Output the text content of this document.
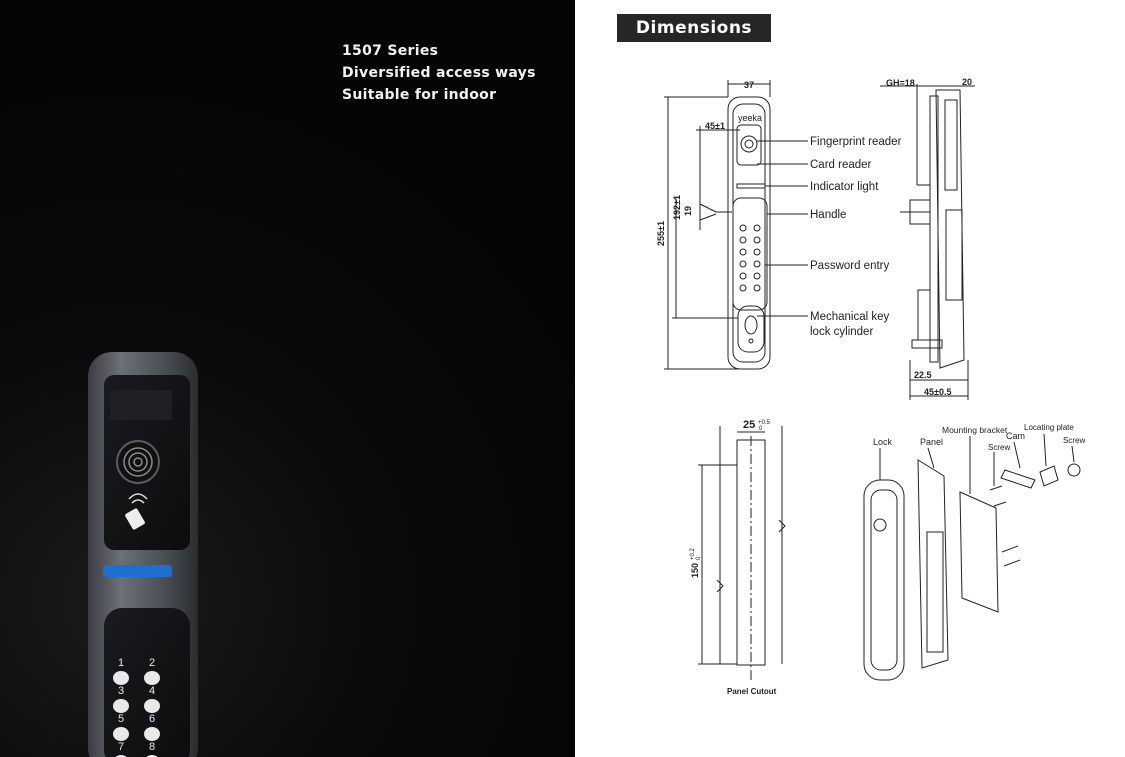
1 2
3 4
5 6
7 8
1507 Series
Diversified access ways
Suitable for indoor
Dimensions
37	GH=18	20
45±1
255±1
192±1 19
yeeka
22.5
45±0.5
Fingerprint reader
Card reader
Indicator light
Handle
Password entry
Mechanical key
lock cylinder
25 +0.5
0
150
+0.2 0
Panel Cutout
Lock	Panel
Mounting bracket
Screw
Cam
Locating plate
Screw
